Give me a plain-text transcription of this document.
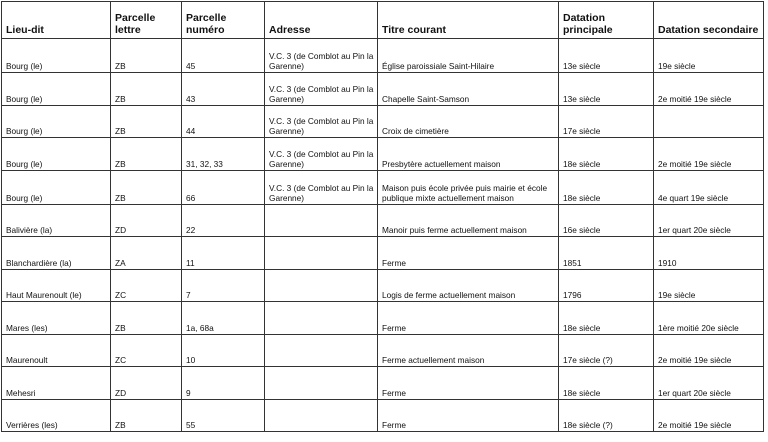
Lieu-dit	Parcelle lettre	Parcelle numéro	Adresse	Titre courant	Datation principale	Datation secondaire
Bourg (le)	ZB	45	V.C. 3 (de Comblot au Pin la Garenne)	Église paroissiale Saint-Hilaire	13e siècle	19e siècle
Bourg (le)	ZB	43	V.C. 3 (de Comblot au Pin la Garenne)	Chapelle Saint-Samson	13e siècle	2e moitié 19e siècle
Bourg (le)	ZB	44	V.C. 3 (de Comblot au Pin la Garenne)	Croix de cimetière	17e siècle	
Bourg (le)	ZB	31, 32, 33	V.C. 3 (de Comblot au Pin la Garenne)	Presbytère actuellement maison	18e siècle	2e moitié 19e siècle
Bourg (le)	ZB	66	V.C. 3 (de Comblot au Pin la Garenne)	Maison puis école privée puis mairie et école publique mixte actuellement maison	18e siècle	4e quart 19e siècle
Balivière (la)	ZD	22		Manoir puis ferme actuellement maison	16e siècle	1er quart 20e siècle
Blanchardière (la)	ZA	11		Ferme	1851	1910
Haut Maurenoult (le)	ZC	7		Logis de ferme actuellement maison	1796	19e siècle
Mares (les)	ZB	1a, 68a		Ferme	18e siècle	1ère moitié 20e siècle
Maurenoult	ZC	10		Ferme actuellement maison	17e siècle (?)	2e moitié 19e siècle
Mehesri	ZD	9		Ferme	18e siècle	1er quart 20e siècle
Verrières (les)	ZB	55		Ferme	18e siècle (?)	2e moitié 19e siècle
